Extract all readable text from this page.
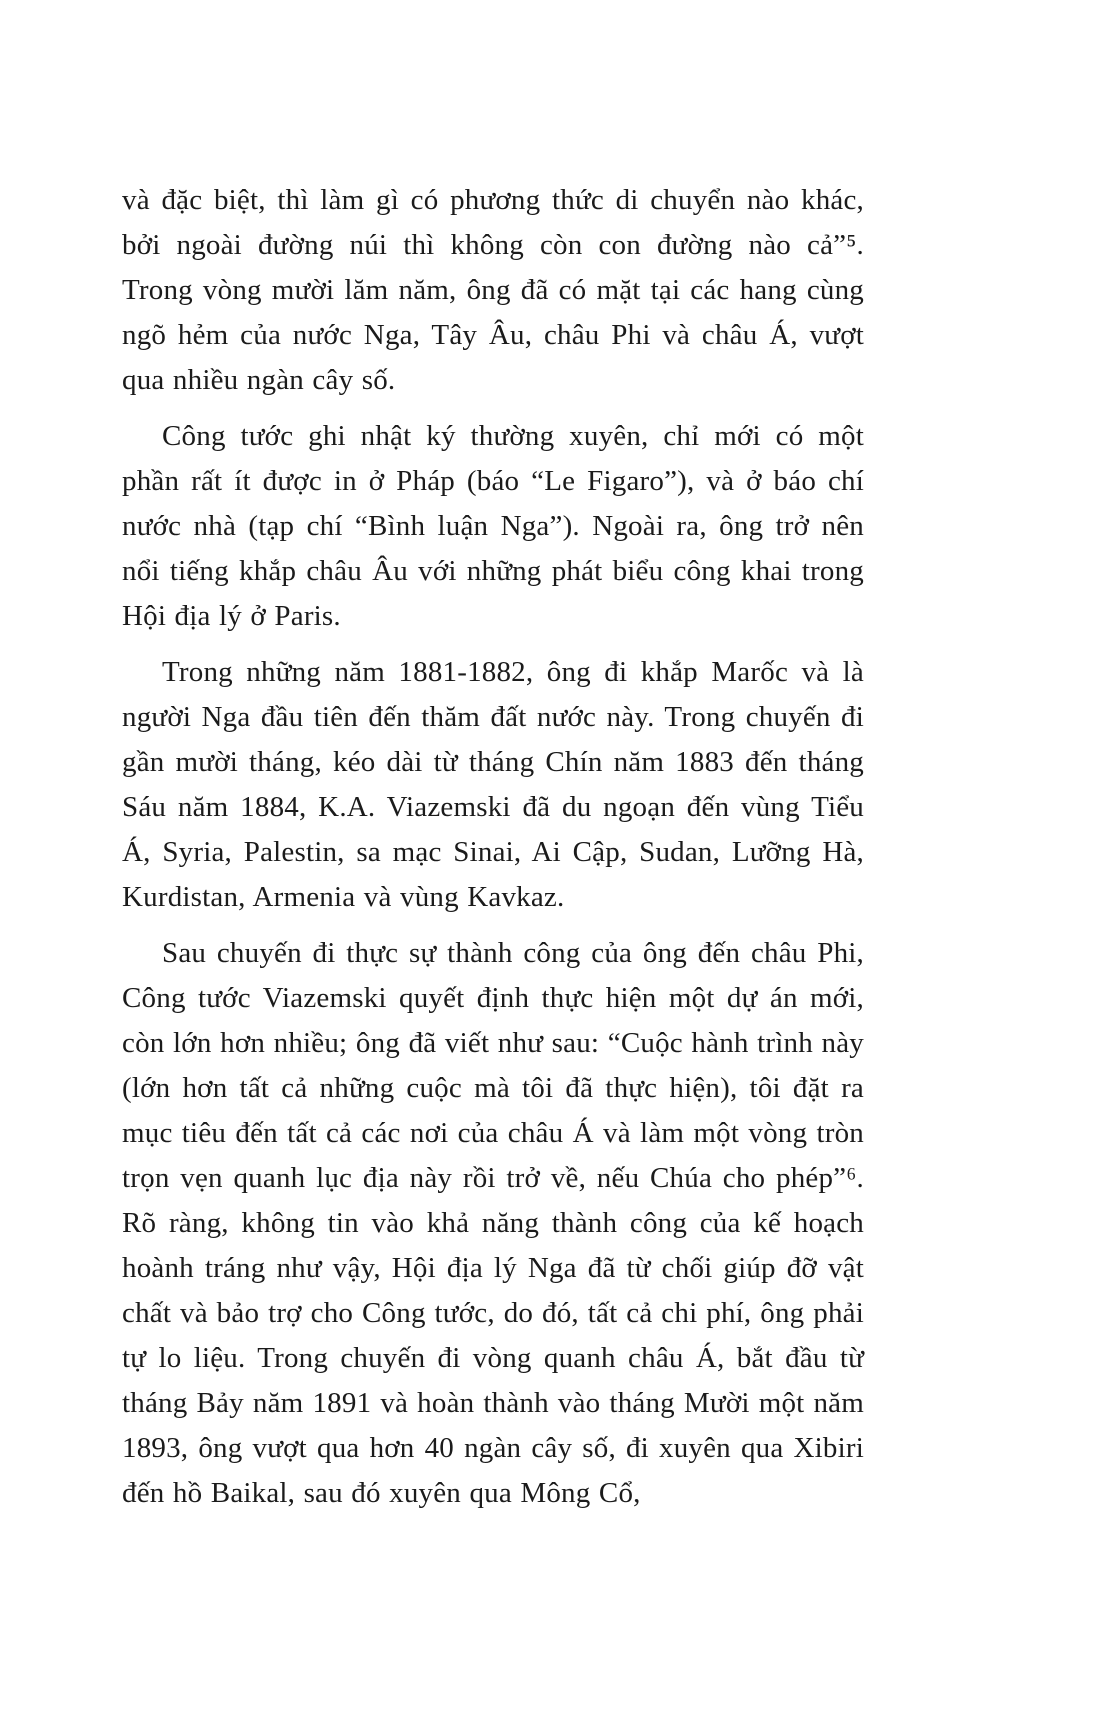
và đặc biệt, thì làm gì có phương thức di chuyển nào khác, bởi ngoài đường núi thì không còn con đường nào cả”⁵. Trong vòng mười lăm năm, ông đã có mặt tại các hang cùng ngõ hẻm của nước Nga, Tây Âu, châu Phi và châu Á, vượt qua nhiều ngàn cây số.

Công tước ghi nhật ký thường xuyên, chỉ mới có một phần rất ít được in ở Pháp (báo “Le Figaro”), và ở báo chí nước nhà (tạp chí “Bình luận Nga”). Ngoài ra, ông trở nên nổi tiếng khắp châu Âu với những phát biểu công khai trong Hội địa lý ở Paris.

Trong những năm 1881-1882, ông đi khắp Marốc và là người Nga đầu tiên đến thăm đất nước này. Trong chuyến đi gần mười tháng, kéo dài từ tháng Chín năm 1883 đến tháng Sáu năm 1884, K.A. Viazemski đã du ngoạn đến vùng Tiểu Á, Syria, Palestin, sa mạc Sinai, Ai Cập, Sudan, Lưỡng Hà, Kurdistan, Armenia và vùng Kavkaz.

Sau chuyến đi thực sự thành công của ông đến châu Phi, Công tước Viazemski quyết định thực hiện một dự án mới, còn lớn hơn nhiều; ông đã viết như sau: “Cuộc hành trình này (lớn hơn tất cả những cuộc mà tôi đã thực hiện), tôi đặt ra mục tiêu đến tất cả các nơi của châu Á và làm một vòng tròn trọn vẹn quanh lục địa này rồi trở về, nếu Chúa cho phép”⁶. Rõ ràng, không tin vào khả năng thành công của kế hoạch hoành tráng như vậy, Hội địa lý Nga đã từ chối giúp đỡ vật chất và bảo trợ cho Công tước, do đó, tất cả chi phí, ông phải tự lo liệu. Trong chuyến đi vòng quanh châu Á, bắt đầu từ tháng Bảy năm 1891 và hoàn thành vào tháng Mười một năm 1893, ông vượt qua hơn 40 ngàn cây số, đi xuyên qua Xibiri đến hồ Baikal, sau đó xuyên qua Mông Cổ,
